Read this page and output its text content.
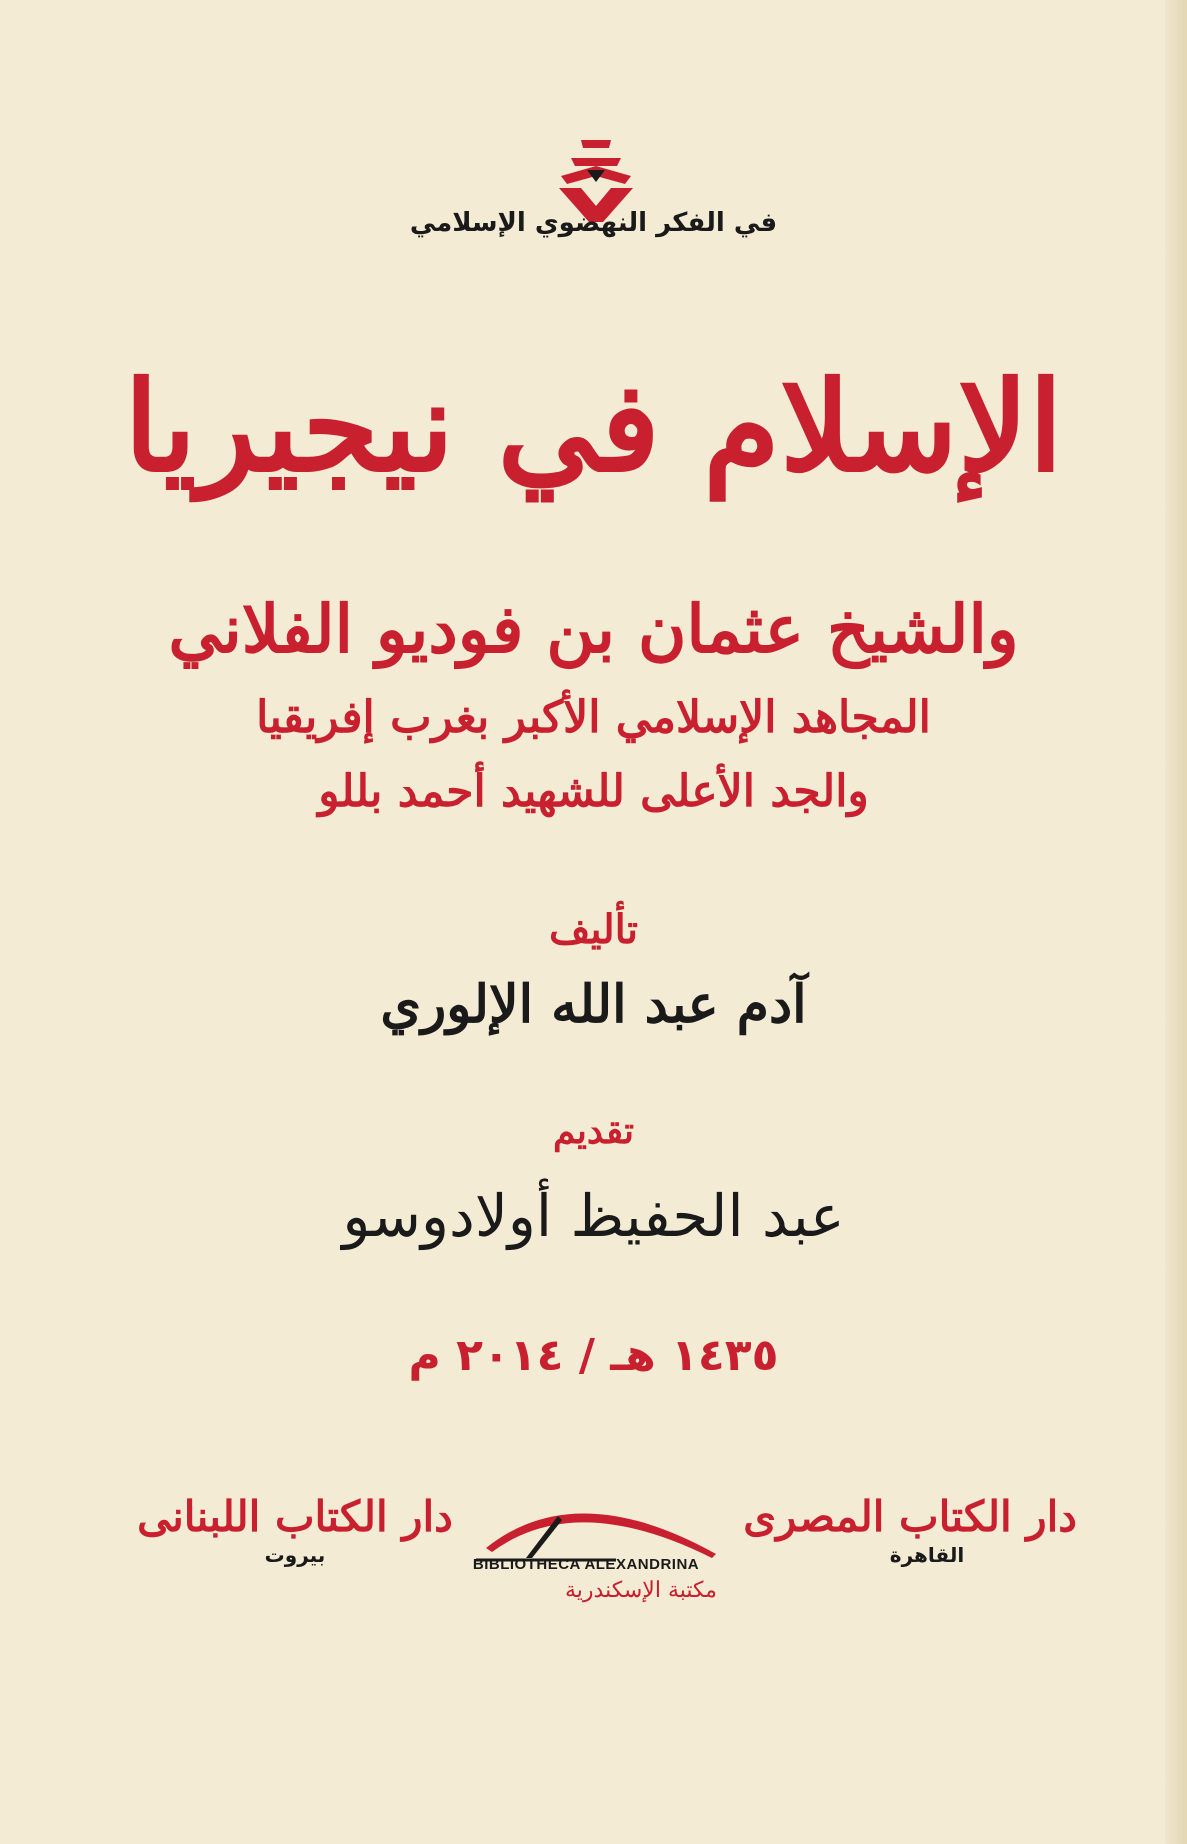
في الفكر النهضوي الإسلامي
الإسلام في نيجيريا
والشيخ عثمان بن فوديو الفلاني
المجاهد الإسلامي الأكبر بغرب إفريقيا
والجد الأعلى للشهيد أحمد بللو
تأليف
آدم عبد الله الإلوري
تقديم
عبد الحفيظ أولادوسو
١٤٣٥ هـ / ٢٠١٤ م
BIBLIOTHECA ALEXANDRINA
مكتبة الإسكندرية
دار الكتاب المصرى
القاهرة
دار الكتاب اللبنانى
بيروت
